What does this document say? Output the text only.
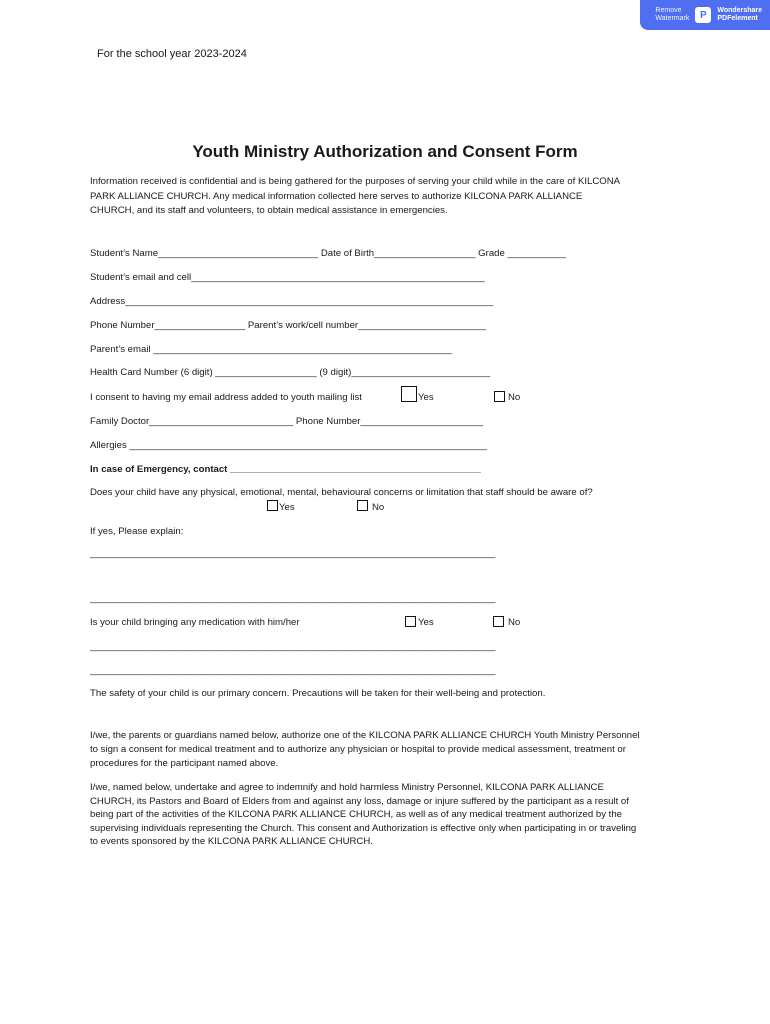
Remove
Watermark	P	Wondershare
PDFelement
For the school year 2023-2024
Youth Ministry Authorization and Consent Form
Information received is confidential and is being gathered for the purposes of serving your child while in the care of KILCONA
PARK ALLIANCE CHURCH. Any medical information collected here serves to authorize KILCONA PARK ALLIANCE
CHURCH, and its staff and volunteers, to obtain medical assistance in emergencies.
Student’s Name______________________________ Date of Birth___________________ Grade ___________
Student’s email and cell_______________________________________________________
Address_____________________________________________________________________
Phone Number_________________ Parent’s work/cell number________________________
Parent’s email ________________________________________________________
Health Card Number (6 digit) ___________________ (9 digit)__________________________
I consent to having my email address added to youth mailing list	Yes	No
Family Doctor___________________________ Phone Number_______________________
Allergies ___________________________________________________________________
In case of Emergency, contact _______________________________________________
Does your child have any physical, emotional, mental, behavioural concerns or limitation that staff should be aware of?
Yes	No
If yes, Please explain:
____________________________________________________________________________
____________________________________________________________________________
Is your child bringing any medication with him/her	Yes	No
____________________________________________________________________________
____________________________________________________________________________
The safety of your child is our primary concern. Precautions will be taken for their well-being and protection.
I/we, the parents or guardians named below, authorize one of the KILCONA PARK ALLIANCE CHURCH Youth Ministry Personnel
to sign a consent for medical treatment and to authorize any physician or hospital to provide medical assessment, treatment or
procedures for the participant named above.
I/we, named below, undertake and agree to indemnify and hold harmless Ministry Personnel, KILCONA PARK ALLIANCE
CHURCH, its Pastors and Board of Elders from and against any loss, damage or injure suffered by the participant as a result of
being part of the activities of the KILCONA PARK ALLIANCE CHURCH, as well as of any medical treatment authorized by the
supervising individuals representing the Church. This consent and Authorization is effective only when participating in or traveling
to events sponsored by the KILCONA PARK ALLIANCE CHURCH.
